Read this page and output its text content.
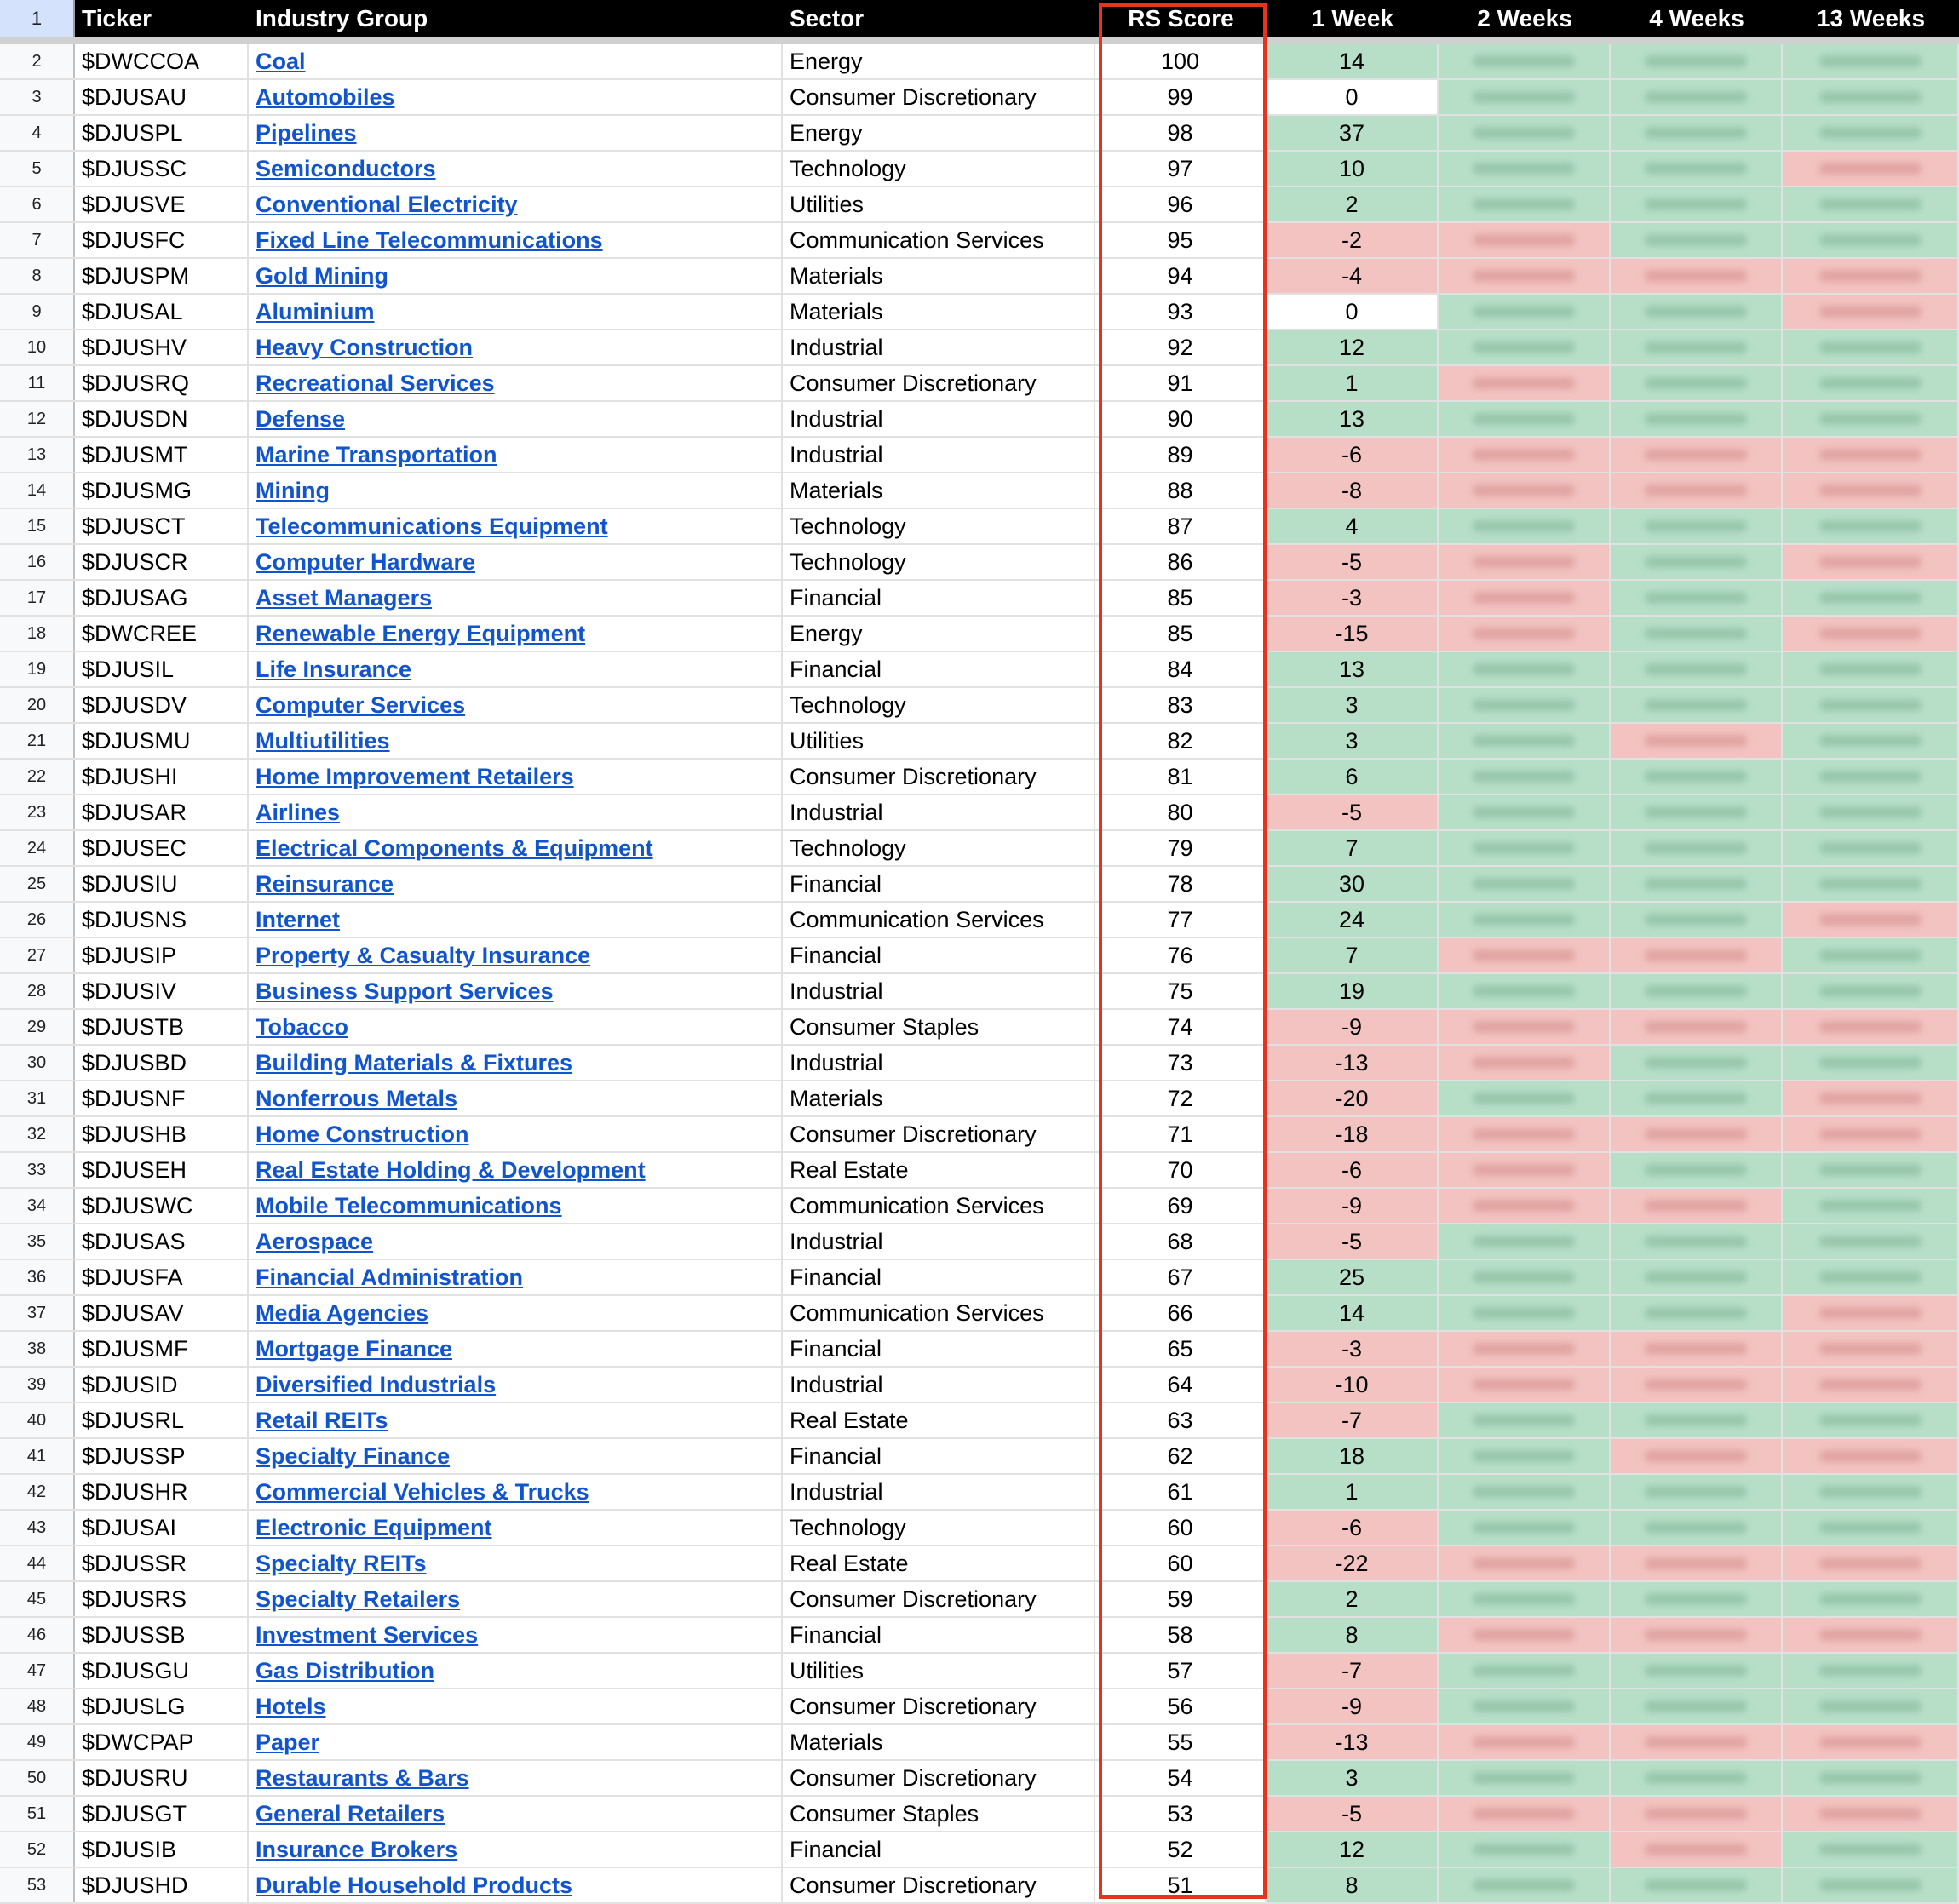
1	Ticker	Industry Group	Sector	RS Score	1 Week	2 Weeks	4 Weeks	13 Weeks
2	$DWCCOA	Coal	Energy	100	14
3	$DJUSAU	Automobiles	Consumer Discretionary	99	0
4	$DJUSPL	Pipelines	Energy	98	37
5	$DJUSSC	Semiconductors	Technology	97	10
6	$DJUSVE	Conventional Electricity	Utilities	96	2
7	$DJUSFC	Fixed Line Telecommunications	Communication Services	95	-2
8	$DJUSPM	Gold Mining	Materials	94	-4
9	$DJUSAL	Aluminium	Materials	93	0
10	$DJUSHV	Heavy Construction	Industrial	92	12
11	$DJUSRQ	Recreational Services	Consumer Discretionary	91	1
12	$DJUSDN	Defense	Industrial	90	13
13	$DJUSMT	Marine Transportation	Industrial	89	-6
14	$DJUSMG	Mining	Materials	88	-8
15	$DJUSCT	Telecommunications Equipment	Technology	87	4
16	$DJUSCR	Computer Hardware	Technology	86	-5
17	$DJUSAG	Asset Managers	Financial	85	-3
18	$DWCREE	Renewable Energy Equipment	Energy	85	-15
19	$DJUSIL	Life Insurance	Financial	84	13
20	$DJUSDV	Computer Services	Technology	83	3
21	$DJUSMU	Multiutilities	Utilities	82	3
22	$DJUSHI	Home Improvement Retailers	Consumer Discretionary	81	6
23	$DJUSAR	Airlines	Industrial	80	-5
24	$DJUSEC	Electrical Components & Equipment	Technology	79	7
25	$DJUSIU	Reinsurance	Financial	78	30
26	$DJUSNS	Internet	Communication Services	77	24
27	$DJUSIP	Property & Casualty Insurance	Financial	76	7
28	$DJUSIV	Business Support Services	Industrial	75	19
29	$DJUSTB	Tobacco	Consumer Staples	74	-9
30	$DJUSBD	Building Materials & Fixtures	Industrial	73	-13
31	$DJUSNF	Nonferrous Metals	Materials	72	-20
32	$DJUSHB	Home Construction	Consumer Discretionary	71	-18
33	$DJUSEH	Real Estate Holding & Development	Real Estate	70	-6
34	$DJUSWC	Mobile Telecommunications	Communication Services	69	-9
35	$DJUSAS	Aerospace	Industrial	68	-5
36	$DJUSFA	Financial Administration	Financial	67	25
37	$DJUSAV	Media Agencies	Communication Services	66	14
38	$DJUSMF	Mortgage Finance	Financial	65	-3
39	$DJUSID	Diversified Industrials	Industrial	64	-10
40	$DJUSRL	Retail REITs	Real Estate	63	-7
41	$DJUSSP	Specialty Finance	Financial	62	18
42	$DJUSHR	Commercial Vehicles & Trucks	Industrial	61	1
43	$DJUSAI	Electronic Equipment	Technology	60	-6
44	$DJUSSR	Specialty REITs	Real Estate	60	-22
45	$DJUSRS	Specialty Retailers	Consumer Discretionary	59	2
46	$DJUSSB	Investment Services	Financial	58	8
47	$DJUSGU	Gas Distribution	Utilities	57	-7
48	$DJUSLG	Hotels	Consumer Discretionary	56	-9
49	$DWCPAP	Paper	Materials	55	-13
50	$DJUSRU	Restaurants & Bars	Consumer Discretionary	54	3
51	$DJUSGT	General Retailers	Consumer Staples	53	-5
52	$DJUSIB	Insurance Brokers	Financial	52	12
53	$DJUSHD	Durable Household Products	Consumer Discretionary	51	8
